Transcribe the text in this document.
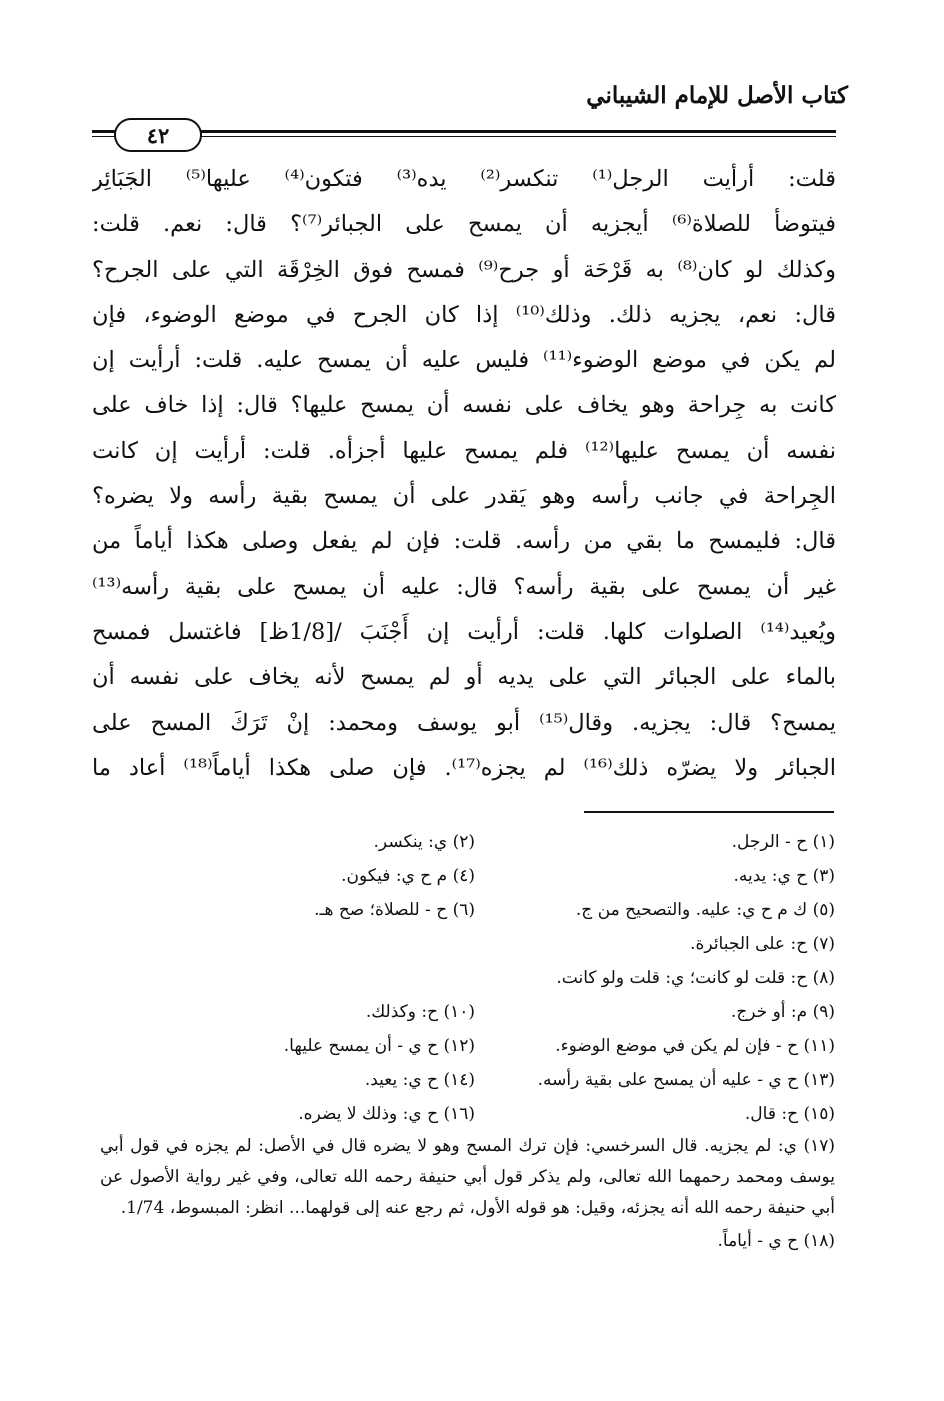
كتاب الأصل للإمام الشيباني
٤٢
قلت: أرأيت الرجل⁽¹⁾ تنكسر⁽²⁾ يده⁽³⁾ فتكون⁽⁴⁾ عليها⁽⁵⁾ الجَبَائِر
فيتوضأ للصلاة⁽⁶⁾ أيجزيه أن يمسح على الجبائر⁽⁷⁾؟ قال: نعم. قلت:
وكذلك لو كان⁽⁸⁾ به قَرْحَة أو جرح⁽⁹⁾ فمسح فوق الخِرْقَة التي على الجرح؟
قال: نعم، يجزيه ذلك. وذلك⁽¹⁰⁾ إذا كان الجرح في موضع الوضوء، فإن
لم يكن في موضع الوضوء⁽¹¹⁾ فليس عليه أن يمسح عليه. قلت: أرأيت إن
كانت به جِراحة وهو يخاف على نفسه أن يمسح عليها؟ قال: إذا خاف على
نفسه أن يمسح عليها⁽¹²⁾ فلم يمسح عليها أجزأه. قلت: أرأيت إن كانت
الجِراحة في جانب رأسه وهو يَقدر على أن يمسح بقية رأسه ولا يضره؟
قال: فليمسح ما بقي من رأسه. قلت: فإن لم يفعل وصلى هكذا أياماً من
غير أن يمسح على بقية رأسه؟ قال: عليه أن يمسح على بقية رأسه⁽¹³⁾
ويُعيد⁽¹⁴⁾ الصلوات كلها. قلت: أرأيت إن أَجْنَبَ /[1/8ظ] فاغتسل فمسح
بالماء على الجبائر التي على يديه أو لم يمسح لأنه يخاف على نفسه أن
يمسح؟ قال: يجزيه. وقال⁽¹⁵⁾ أبو يوسف ومحمد: إنْ تَرَكَ المسح على
الجبائر ولا يضرّه ذلك⁽¹⁶⁾ لم يجزه⁽¹⁷⁾. فإن صلى هكذا أياماً⁽¹⁸⁾ أعاد ما
(١) ح - الرجل.
(٢) ي: ينكسر.
(٣) ح ي: يديه.
(٤) م ح ي: فيكون.
(٥) ك م ح ي: عليه. والتصحيح من ج.
(٦) ح - للصلاة؛ صح هـ.
(٧) ح: على الجبائرة.
(٨) ح: قلت لو كانت؛ ي: قلت ولو كانت.
(٩) م: أو خرج.
(١٠) ح: وكذلك.
(١١) ح - فإن لم يكن في موضع الوضوء.
(١٢) ح ي - أن يمسح عليها.
(١٣) ح ي - عليه أن يمسح على بقية رأسه.
(١٤) ح ي: يعيد.
(١٥) ح: قال.
(١٦) ح ي: وذلك لا يضره.
(١٧) ي: لم يجزيه. قال السرخسي: فإن ترك المسح وهو لا يضره قال في الأصل: لم يجزه في قول أبي يوسف ومحمد رحمهما الله تعالى، ولم يذكر قول أبي حنيفة رحمه الله تعالى، وفي غير رواية الأصول عن أبي حنيفة رحمه الله أنه يجزئه، وقيل: هو قوله الأول، ثم رجع عنه إلى قولهما... انظر: المبسوط، 1/74.
(١٨) ح ي - أياماً.
